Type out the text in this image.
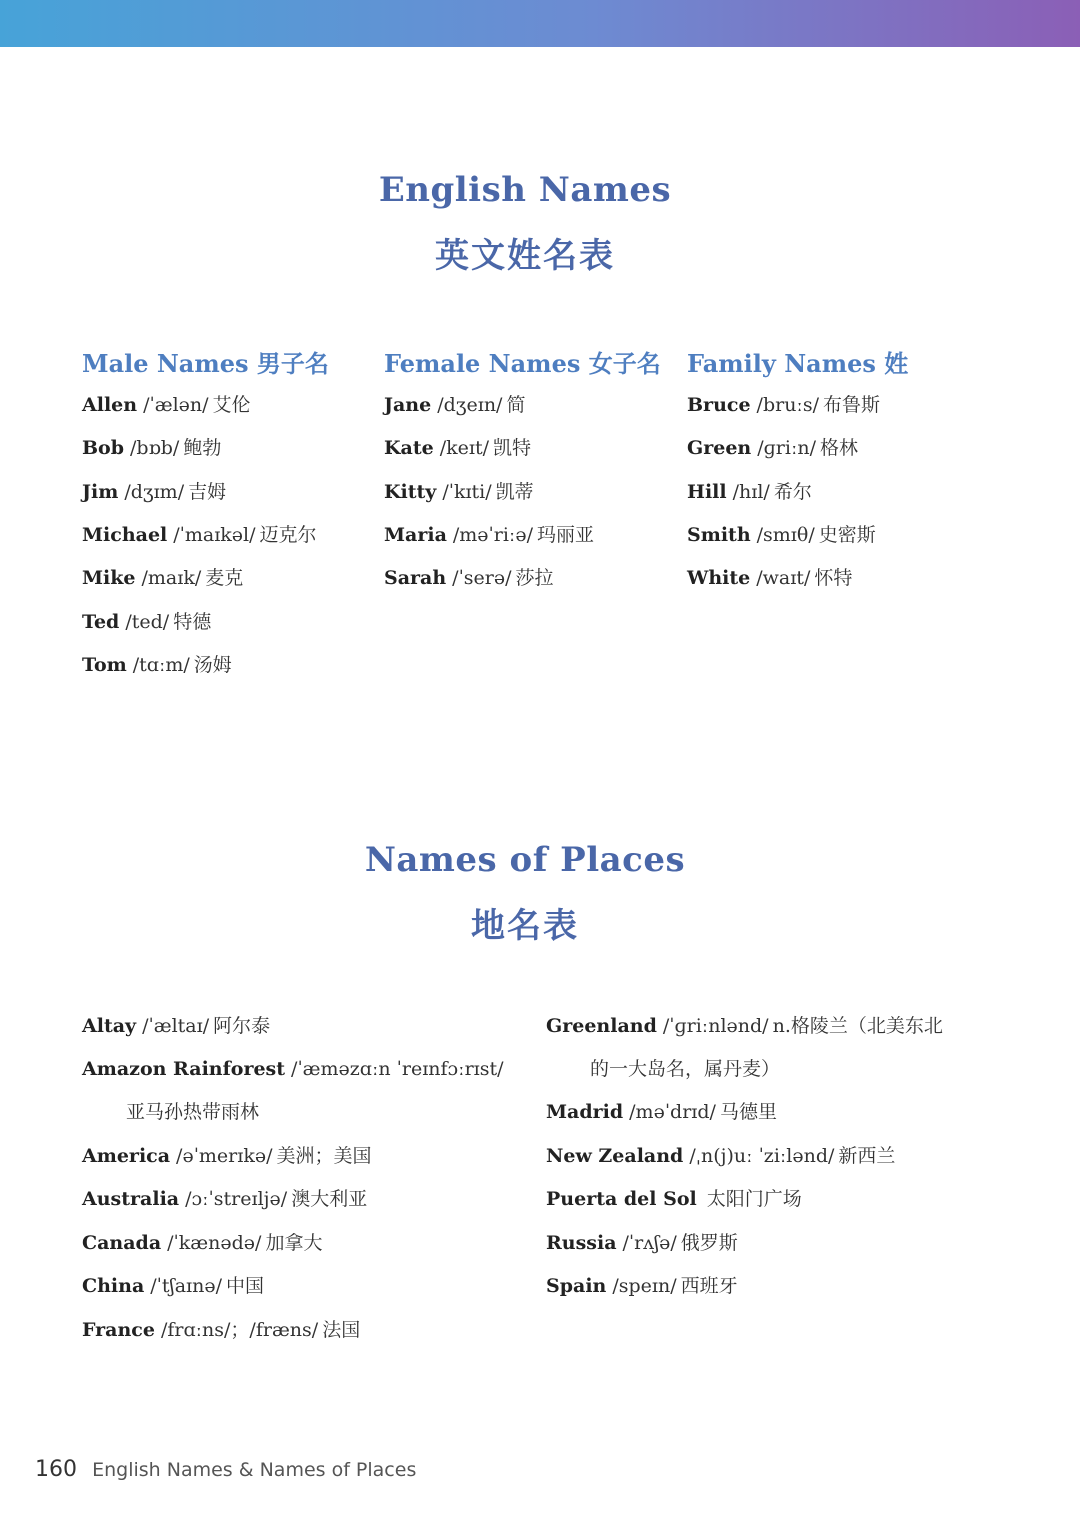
English Names
英文姓名表
Male Names 男子名 Female Names 女子名 Family Names 姓
Allen /ˈælən/ 艾伦
Bob /bɒb/ 鲍勃
Jim /dʒɪm/ 吉姆
Michael /ˈmaɪkəl/ 迈克尔
Mike /maɪk/ 麦克
Ted /ted/ 特德
Tom /tɑːm/ 汤姆
Jane /dʒeɪn/ 简
Kate /keɪt/ 凯特
Kitty /ˈkɪti/ 凯蒂
Maria /məˈriːə/ 玛丽亚
Sarah /ˈserə/ 莎拉
Bruce /bruːs/ 布鲁斯
Green /ɡriːn/ 格林
Hill /hɪl/ 希尔
Smith /smɪθ/ 史密斯
White /waɪt/ 怀特
Names of Places
地名表
Altay /ˈæltaɪ/ 阿尔泰
Amazon Rainforest /ˈæməzɑːn ˈreɪnfɔːrɪst/
亚马孙热带雨林
America /əˈmerɪkə/ 美洲；美国
Australia /ɔːˈstreɪljə/ 澳大利亚
Canada /ˈkænədə/ 加拿大
China /ˈtʃaɪnə/ 中国
France /frɑːns/；/fræns/ 法国
Greenland /ˈɡriːnlənd/ n.格陵兰（北美东北
的一大岛名，属丹麦）
Madrid /məˈdrɪd/ 马德里
New Zealand /ˌn(j)uː ˈziːlənd/ 新西兰
Puerta del Sol 太阳门广场
Russia /ˈrʌʃə/ 俄罗斯
Spain /speɪn/ 西班牙
160 English Names & Names of Places
